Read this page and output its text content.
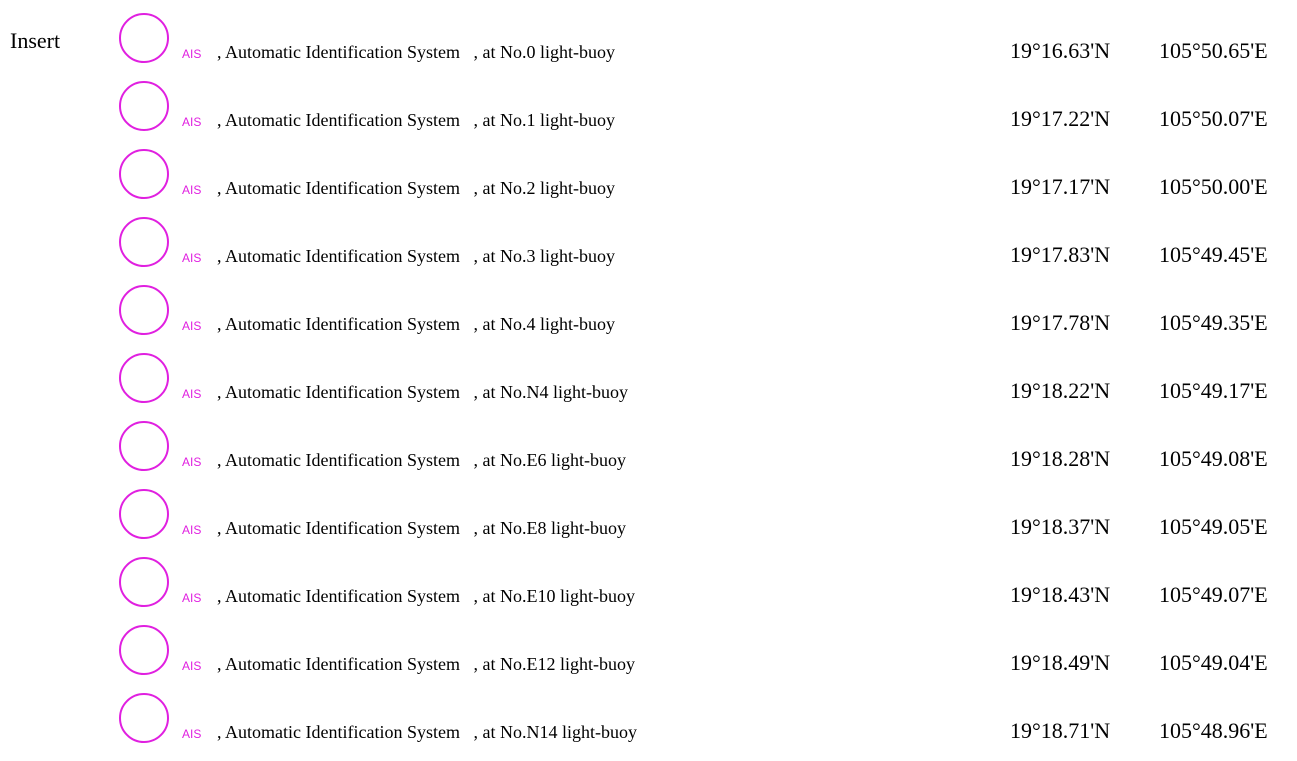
Insert
AIS , Automatic Identification System , at No.0 light-buoy	19°16.63'N 105°50.65'E
AIS , Automatic Identification System , at No.1 light-buoy	19°17.22'N 105°50.07'E
AIS , Automatic Identification System , at No.2 light-buoy	19°17.17'N 105°50.00'E
AIS , Automatic Identification System , at No.3 light-buoy	19°17.83'N 105°49.45'E
AIS , Automatic Identification System , at No.4 light-buoy	19°17.78'N 105°49.35'E
AIS , Automatic Identification System , at No.N4 light-buoy	19°18.22'N 105°49.17'E
AIS , Automatic Identification System , at No.E6 light-buoy	19°18.28'N 105°49.08'E
AIS , Automatic Identification System , at No.E8 light-buoy	19°18.37'N 105°49.05'E
AIS , Automatic Identification System , at No.E10 light-buoy	19°18.43'N 105°49.07'E
AIS , Automatic Identification System , at No.E12 light-buoy	19°18.49'N 105°49.04'E
AIS , Automatic Identification System , at No.N14 light-buoy	19°18.71'N 105°48.96'E
